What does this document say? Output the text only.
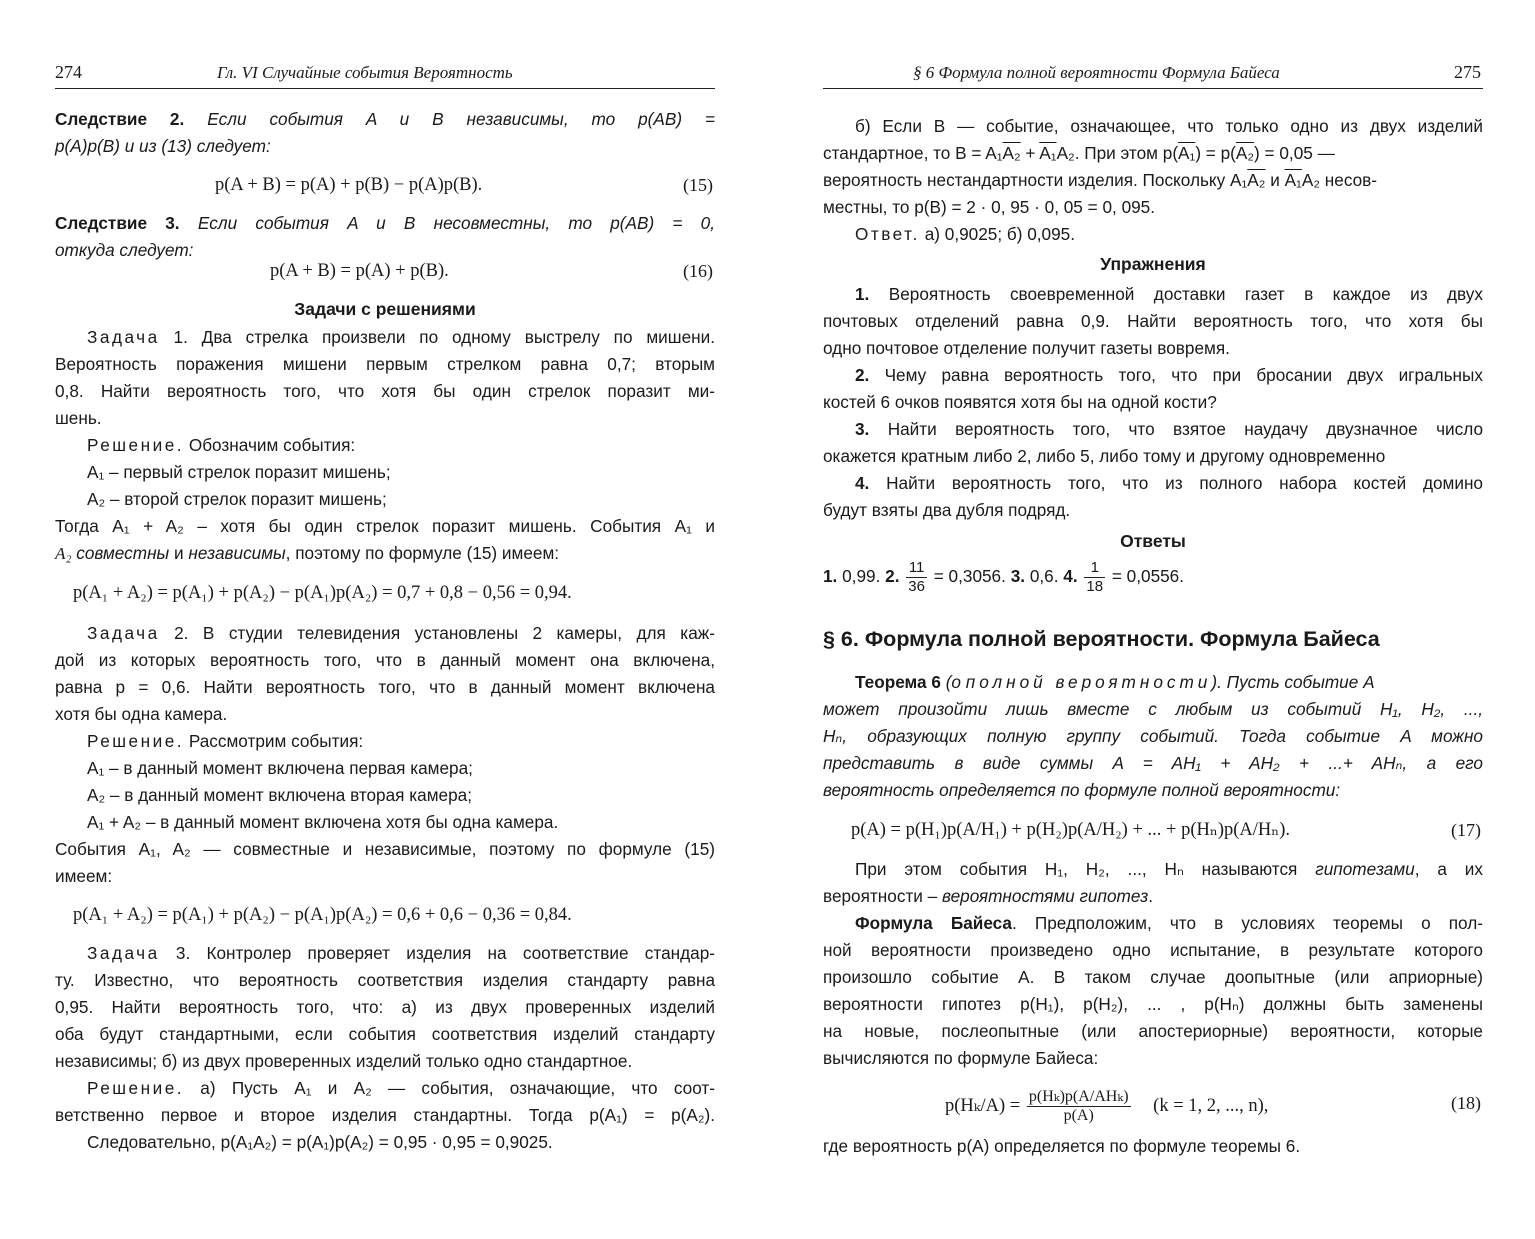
274	Гл. VI Случайные события Вероятность
Следствие 2. Если события A и B независимы, то p(AB) =
p(A)p(B) и из (13) следует:
p(A + B) = p(A) + p(B) − p(A)p(B).	(15)
Следствие 3. Если события A и B несовместны, то p(AB) = 0,
откуда следует:
p(A + B) = p(A) + p(B).	(16)
Задачи с решениями
Задача 1. Два стрелка произвели по одному выстрелу по мишени.
Вероятность поражения мишени первым стрелком равна 0,7; вторым
0,8. Найти вероятность того, что хотя бы один стрелок поразит ми-
шень.
Решение. Обозначим события:
A₁ – первый стрелок поразит мишень;
A₂ – второй стрелок поразит мишень;
Тогда A₁ + A₂ – хотя бы один стрелок поразит мишень. События A₁ и
A₂ совместны и независимы, поэтому по формуле (15) имеем:
p(A₁ + A₂) = p(A₁) + p(A₂) − p(A₁)p(A₂) = 0,7 + 0,8 − 0,56 = 0,94.
Задача 2. В студии телевидения установлены 2 камеры, для каж-
дой из которых вероятность того, что в данный момент она включена,
равна p = 0,6. Найти вероятность того, что в данный момент включена
хотя бы одна камера.
Решение. Рассмотрим события:
A₁ – в данный момент включена первая камера;
A₂ – в данный момент включена вторая камера;
A₁ + A₂ – в данный момент включена хотя бы одна камера.
События A₁, A₂ — совместные и независимые, поэтому по формуле (15)
имеем:
p(A₁ + A₂) = p(A₁) + p(A₂) − p(A₁)p(A₂) = 0,6 + 0,6 − 0,36 = 0,84.
Задача 3. Контролер проверяет изделия на соответствие стандар-
ту. Известно, что вероятность соответствия изделия стандарту равна
0,95. Найти вероятность того, что: а) из двух проверенных изделий
оба будут стандартными, если события соответствия изделий стандарту
независимы; б) из двух проверенных изделий только одно стандартное.
Решение. а) Пусть A₁ и A₂ — события, означающие, что соот-
ветственно первое и второе изделия стандартны. Тогда p(A₁) = p(A₂).
Следовательно, p(A₁A₂) = p(A₁)p(A₂) = 0,95 · 0,95 = 0,9025.
§ 6 Формула полной вероятности Формула Байеса	275
б) Если B — событие, означающее, что только одно из двух изделий
стандартное, то B = A₁A₂ + A₁A₂. При этом p(A₁) = p(A₂) = 0,05 —
вероятность нестандартности изделия. Поскольку A₁A₂ и A₁A₂ несов-
местны, то p(B) = 2 · 0, 95 · 0, 05 = 0, 095.
Ответ. а) 0,9025; б) 0,095.
Упражнения
1. Вероятность своевременной доставки газет в каждое из двух
почтовых отделений равна 0,9. Найти вероятность того, что хотя бы
одно почтовое отделение получит газеты вовремя.
2. Чему равна вероятность того, что при бросании двух игральных
костей 6 очков появятся хотя бы на одной кости?
3. Найти вероятность того, что взятое наудачу двузначное число
окажется кратным либо 2, либо 5, либо тому и другому одновременно
4. Найти вероятность того, что из полного набора костей домино
будут взяты два дубля подряд.
Ответы
1. 0,99. 2. $\frac{11}{36} = 0,3056$. 3. 0,6. 4. $\frac{1}{18} = 0,0556$.
§ 6. Формула полной вероятности. Формула Байеса
Теорема 6 (о полной вероятности). Пусть событие A
может произойти лишь вместе с любым из событий H₁, H₂, ...,
Hₙ, образующих полную группу событий. Тогда событие A можно
представить в виде суммы A = AH₁ + AH₂ + ...+ AHₙ, а его
вероятность определяется по формуле полной вероятности:
p(A) = p(H₁)p(A/H₁) + p(H₂)p(A/H₂) + ... + p(Hₙ)p(A/Hₙ).	(17)
При этом события H₁, H₂, ..., Hₙ называются гипотезами, а их
вероятности – вероятностями гипотез.
Формула Байеса. Предположим, что в условиях теоремы о пол-
ной вероятности произведено одно испытание, в результате которого
произошло событие A. В таком случае доопытные (или априорные)
вероятности гипотез p(H₁), p(H₂), ... , p(Hₙ) должны быть заменены
на новые, послеопытные (или апостериорные) вероятности, которые
вычисляются по формуле Байеса:
$p(H_k/A) = \frac{\text{p(Hₖ)p(A/AHₖ)}}{p(A)} (k = 1$, 2, ..., n),	(18)
где вероятность p(A) определяется по формуле теоремы 6.
